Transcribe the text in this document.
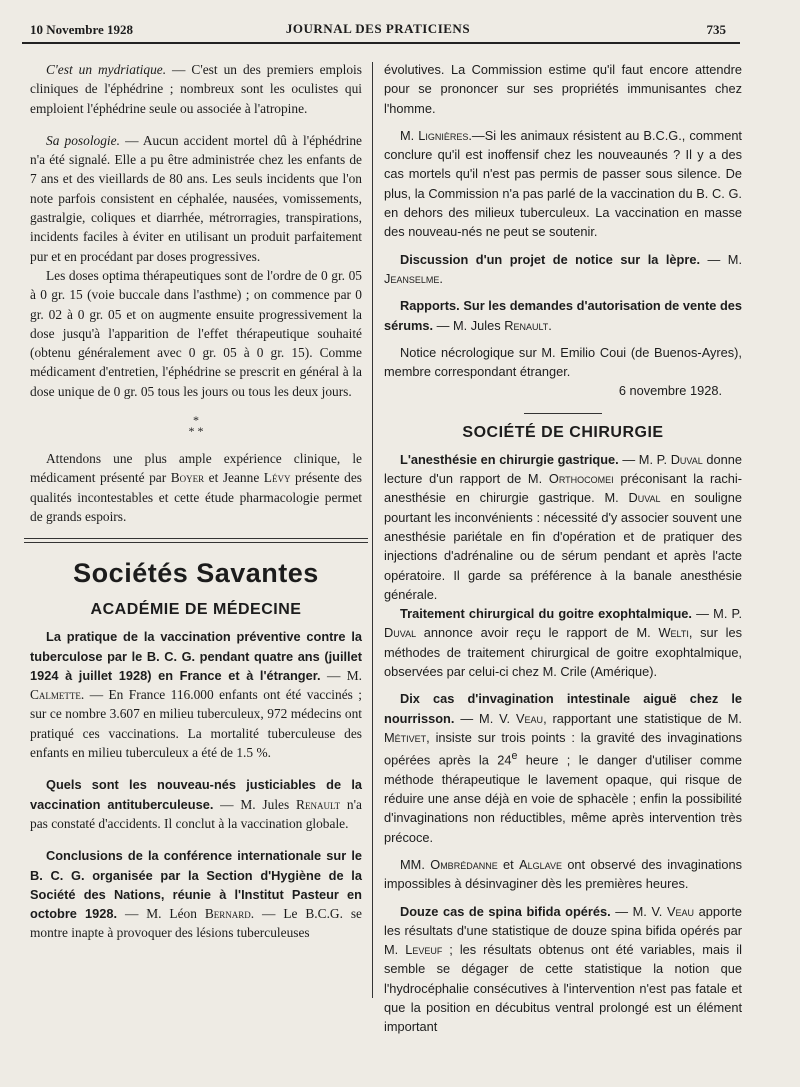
10 Novembre 1928	JOURNAL DES PRATICIENS	735

C'est un mydriatique. — C'est un des premiers emplois cliniques de l'éphédrine ; nombreux sont les oculistes qui emploient l'éphédrine seule ou associée à l'atropine.

Sa posologie. — Aucun accident mortel dû à l'éphédrine n'a été signalé. Elle a pu être administrée chez les enfants de 7 ans et des vieillards de 80 ans. Les seuls incidents que l'on note parfois consistent en céphalée, nausées, vomissements, gastralgie, coliques et diarrhée, métrorragies, transpirations, incidents faciles à éviter en utilisant un produit parfaitement pur et en procédant par doses progressives.

Les doses optima thérapeutiques sont de l'ordre de 0 gr. 05 à 0 gr. 15 (voie buccale dans l'asthme) ; on commence par 0 gr. 02 à 0 gr. 05 et on augmente ensuite progressivement la dose jusqu'à l'apparition de l'effet thérapeutique souhaité (obtenu généralement avec 0 gr. 05 à 0 gr. 15). Comme médicament d'entretien, l'éphédrine se prescrit en général à la dose unique de 0 gr. 05 tous les jours ou tous les deux jours.

*
* *

Attendons une plus ample expérience clinique, le médicament présenté par Boyer et Jeanne Lévy présente des qualités incontestables et cette étude pharmacologie permet de grands espoirs.

Sociétés Savantes

ACADÉMIE DE MÉDECINE

La pratique de la vaccination préventive contre la tuberculose par le B. C. G. pendant quatre ans (juillet 1924 à juillet 1928) en France et à l'étranger. — M. Calmette. — En France 116.000 enfants ont été vaccinés ; sur ce nombre 3.607 en milieu tuberculeux, 972 médecins ont pratiqué ces vaccinations. La mortalité tuberculeuse des enfants en milieu tuberculeux a été de 1.5 %.

Quels sont les nouveau-nés justiciables de la vaccination antituberculeuse. — M. Jules Renault n'a pas constaté d'accidents. Il conclut à la vaccination globale.

Conclusions de la conférence internationale sur le B. C. G. organisée par la Section d'Hygiène de la Société des Nations, réunie à l'Institut Pasteur en octobre 1928. — M. Léon Bernard. — Le B.C.G. se montre inapte à provoquer des lésions tuberculeuses

évolutives. La Commission estime qu'il faut encore attendre pour se prononcer sur ses propriétés immunisantes chez l'homme.

M. Lignières.—Si les animaux résistent au B.C.G., comment conclure qu'il est inoffensif chez les nouveaunés ? Il y a des cas mortels qu'il n'est pas permis de passer sous silence. De plus, la Commission n'a pas parlé de la vaccination du B. C. G. en dehors des milieux tuberculeux. La vaccination en masse des nouveau-nés ne peut se soutenir.

Discussion d'un projet de notice sur la lèpre. — M. Jeanselme.

Rapports. Sur les demandes d'autorisation de vente des sérums. — M. Jules Renault.

Notice nécrologique sur M. Emilio Coui (de Buenos-Ayres), membre correspondant étranger.

6 novembre 1928.

SOCIÉTÉ DE CHIRURGIE

L'anesthésie en chirurgie gastrique. — M. P. Duval donne lecture d'un rapport de M. Orthocomei préconisant la rachi-anesthésie en chirurgie gastrique. M. Duval en souligne pourtant les inconvénients : nécessité d'y associer souvent une anesthésie pariétale en fin d'opération et de pratiquer des injections d'adrénaline ou de sérum pendant et après l'acte opératoire. Il garde sa préférence à la banale anesthésie générale.

Traitement chirurgical du goitre exophtalmique. — M. P. Duval annonce avoir reçu le rapport de M. Welti, sur les méthodes de traitement chirurgical de goitre exophtalmique, observées par celui-ci chez M. Crile (Amérique).

Dix cas d'invagination intestinale aiguë chez le nourrisson. — M. V. Veau, rapportant une statistique de M. Métivet, insiste sur trois points : la gravité des invaginations opérées après la 24e heure ; le danger d'utiliser comme méthode thérapeutique le lavement opaque, qui risque de réduire une anse déjà en voie de sphacèle ; enfin la possibilité d'invaginations non réductibles, même après intervention très précoce.

MM. Ombrédanne et Alglave ont observé des invaginations impossibles à désinvaginer dès les premières heures.

Douze cas de spina bifida opérés. — M. V. Veau apporte les résultats d'une statistique de douze spina bifida opérés par M. Leveuf ; les résultats obtenus ont été variables, mais il semble se dégager de cette statistique la notion que l'hydrocéphalie consécutives à l'intervention n'est pas fatale et que la position en décubitus ventral prolongé est un élément important
